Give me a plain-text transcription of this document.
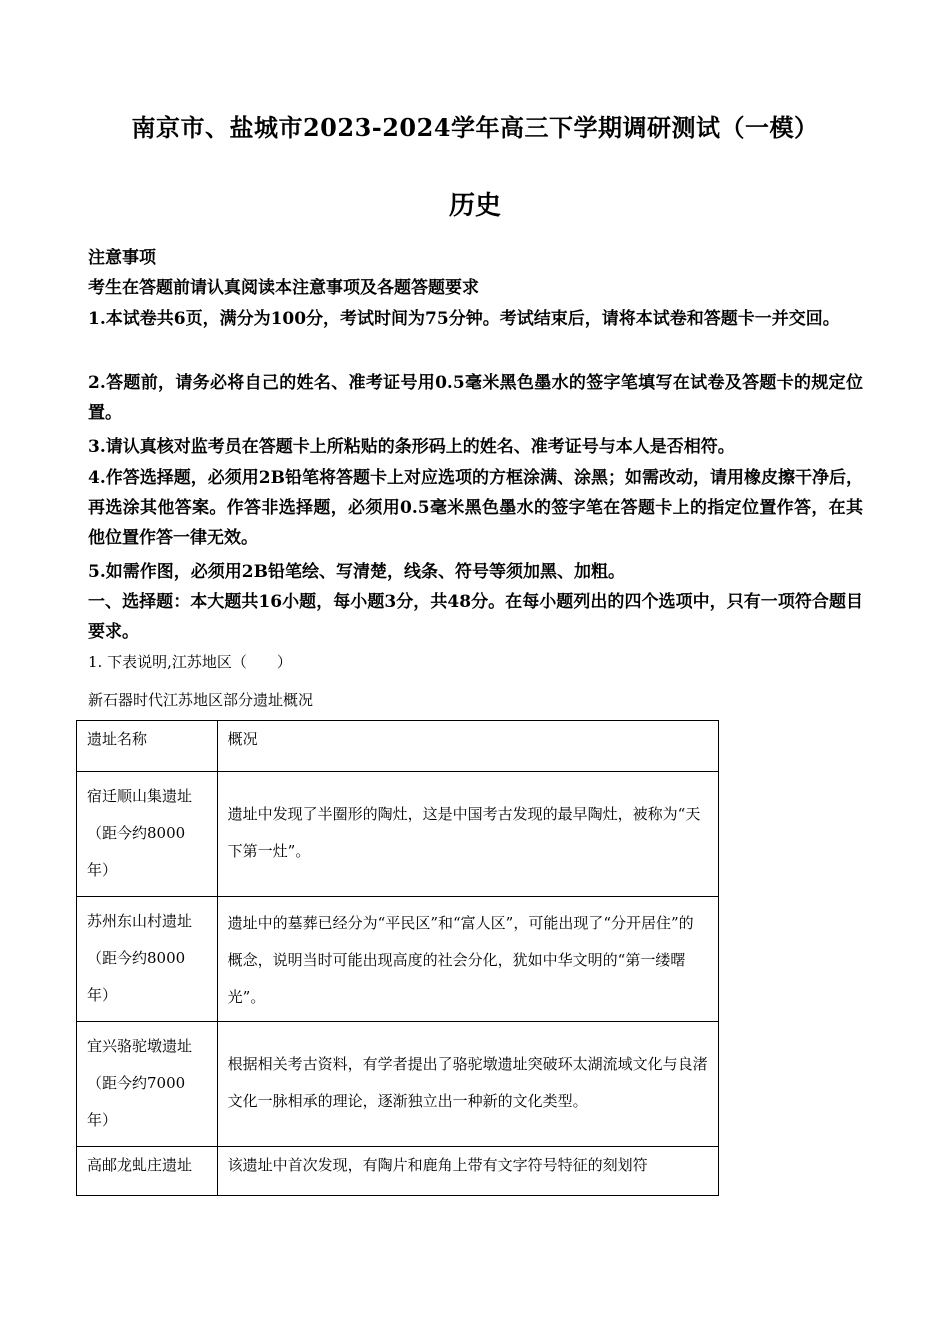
南京市、盐城市2023-2024学年高三下学期调研测试（一模）
历史
注意事项
考生在答题前请认真阅读本注意事项及各题答题要求
1.本试卷共6页，满分为100分，考试时间为75分钟。考试结束后，请将本试卷和答题卡一并交回。
2.答题前，请务必将自己的姓名、准考证号用0.5毫米黑色墨水的签字笔填写在试卷及答题卡的规定位置。
3.请认真核对监考员在答题卡上所粘贴的条形码上的姓名、准考证号与本人是否相符。
4.作答选择题，必须用2B铅笔将答题卡上对应选项的方框涂满、涂黑；如需改动，请用橡皮擦干净后，再选涂其他答案。作答非选择题，必须用0.5毫米黑色墨水的签字笔在答题卡上的指定位置作答，在其他位置作答一律无效。
5.如需作图，必须用2B铅笔绘、写清楚，线条、符号等须加黑、加粗。
一、选择题：本大题共16小题，每小题3分，共48分。在每小题列出的四个选项中，只有一项符合题目要求。
1. 下表说明,江苏地区（　　）
新石器时代江苏地区部分遗址概况
遗址名称	概况

宿迁顺山集遗址（距今约8000年）	遗址中发现了半圈形的陶灶，这是中国考古发现的最早陶灶，被称为“天下第一灶”。

苏州东山村遗址（距今约8000年）	遗址中的墓葬已经分为“平民区”和“富人区”，可能出现了“分开居住”的概念，说明当时可能出现高度的社会分化，犹如中华文明的“第一缕曙光”。

宜兴骆驼墩遗址（距今约7000年）	根据相关考古资料，有学者提出了骆驼墩遗址突破环太湖流域文化与良渚文化一脉相承的理论，逐渐独立出一种新的文化类型。

高邮龙虬庄遗址	该遗址中首次发现，有陶片和鹿角上带有文字符号特征的刻划符
